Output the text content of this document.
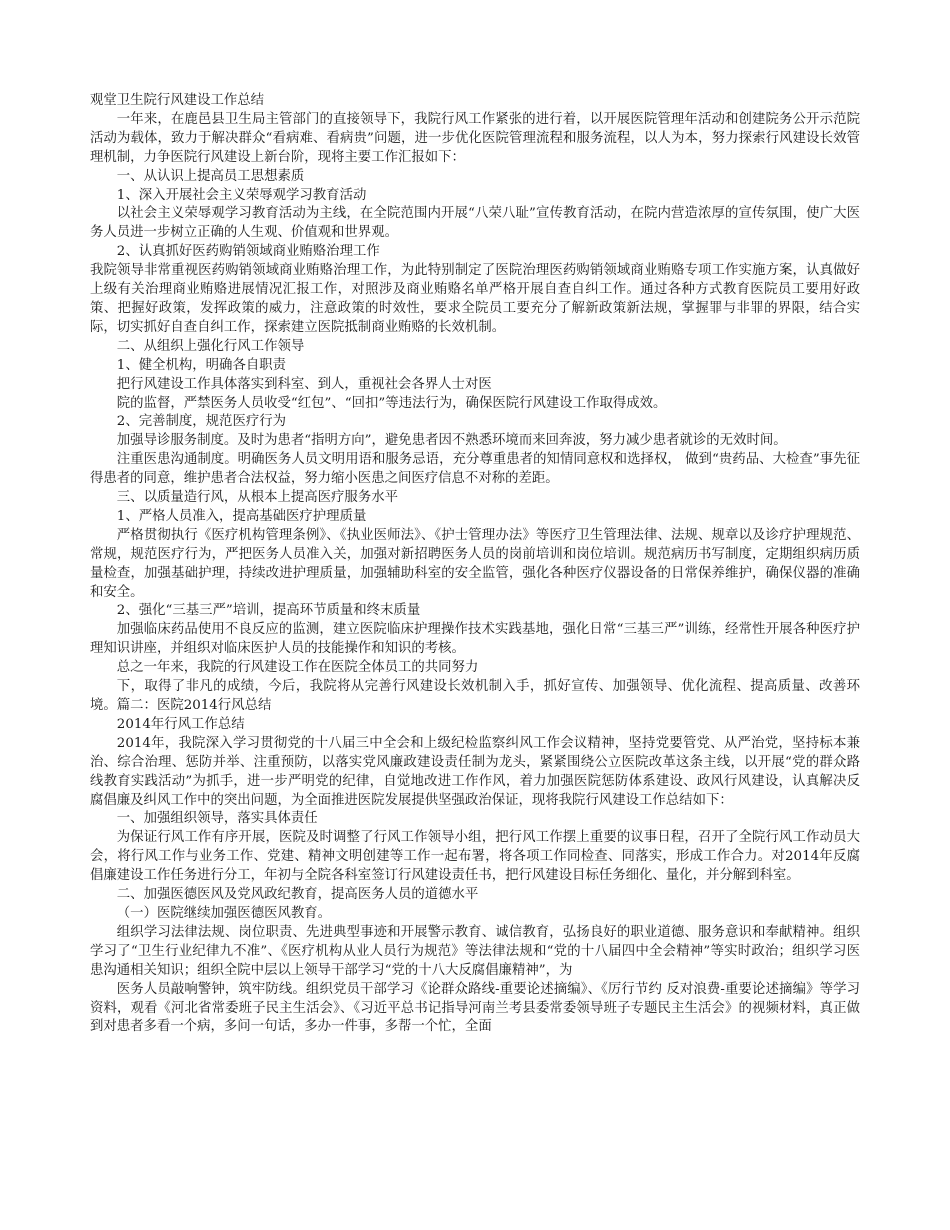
观堂卫生院行风建设工作总结

一年来，在鹿邑县卫生局主管部门的直接领导下，我院行风工作紧张的进行着，以开展医院管理年活动和创建院务公开示范院活动为载体，致力于解决群众“看病难、看病贵”问题，进一步优化医院管理流程和服务流程，以人为本，努力探索行风建设长效管理机制，力争医院行风建设上新台阶，现将主要工作汇报如下：

一、从认识上提高员工思想素质

1、深入开展社会主义荣辱观学习教育活动

以社会主义荣辱观学习教育活动为主线，在全院范围内开展“八荣八耻”宣传教育活动，在院内营造浓厚的宣传氛围，使广大医务人员进一步树立正确的人生观、价值观和世界观。

2、认真抓好医药购销领域商业贿赂治理工作

我院领导非常重视医药购销领域商业贿赂治理工作，为此特别制定了医院治理医药购销领域商业贿赂专项工作实施方案，认真做好上级有关治理商业贿赂进展情况汇报工作，对照涉及商业贿赂名单严格开展自查自纠工作。通过各种方式教育医院员工要用好政策、把握好政策，发挥政策的威力，注意政策的时效性，要求全院员工要充分了解新政策新法规，掌握罪与非罪的界限，结合实际，切实抓好自查自纠工作，探索建立医院抵制商业贿赂的长效机制。

二、从组织上强化行风工作领导

1、健全机构，明确各自职责

把行风建设工作具体落实到科室、到人，重视社会各界人士对医

院的监督，严禁医务人员收受“红包”、“回扣”等违法行为，确保医院行风建设工作取得成效。

2、完善制度，规范医疗行为

加强导诊服务制度。及时为患者“指明方向”，避免患者因不熟悉环境而来回奔波，努力减少患者就诊的无效时间。

注重医患沟通制度。明确医务人员文明用语和服务忌语，充分尊重患者的知情同意权和选择权， 做到“贵药品、大检查”事先征得患者的同意，维护患者合法权益，努力缩小医患之间医疗信息不对称的差距。

三、以质量造行风，从根本上提高医疗服务水平

1、严格人员准入，提高基础医疗护理质量

严格贯彻执行《医疗机构管理条例》、《执业医师法》、《护士管理办法》等医疗卫生管理法律、法规、规章以及诊疗护理规范、常规，规范医疗行为，严把医务人员准入关，加强对新招聘医务人员的岗前培训和岗位培训。规范病历书写制度，定期组织病历质量检查，加强基础护理，持续改进护理质量，加强辅助科室的安全监管，强化各种医疗仪器设备的日常保养维护，确保仪器的准确和安全。

2、强化“三基三严”培训，提高环节质量和终末质量

加强临床药品使用不良反应的监测，建立医院临床护理操作技术实践基地，强化日常“三基三严”训练，经常性开展各种医疗护理知识讲座，并组织对临床医护人员的技能操作和知识的考核。

总之一年来，我院的行风建设工作在医院全体员工的共同努力

下，取得了非凡的成绩，今后，我院将从完善行风建设长效机制入手，抓好宣传、加强领导、优化流程、提高质量、改善环境。篇二：医院2014行风总结

2014年行风工作总结

2014年，我院深入学习贯彻党的十八届三中全会和上级纪检监察纠风工作会议精神，坚持党要管党、从严治党，坚持标本兼治、综合治理、惩防并举、注重预防，以落实党风廉政建设责任制为龙头，紧紧围绕公立医院改革这条主线，以开展“党的群众路线教育实践活动”为抓手，进一步严明党的纪律，自觉地改进工作作风，着力加强医院惩防体系建设、政风行风建设，认真解决反腐倡廉及纠风工作中的突出问题，为全面推进医院发展提供坚强政治保证，现将我院行风建设工作总结如下：

一、加强组织领导，落实具体责任

为保证行风工作有序开展，医院及时调整了行风工作领导小组，把行风工作摆上重要的议事日程，召开了全院行风工作动员大会，将行风工作与业务工作、党建、精神文明创建等工作一起布署，将各项工作同检查、同落实，形成工作合力。对2014年反腐倡廉建设工作任务进行分工，年初与全院各科室签订行风建设责任书，把行风建设目标任务细化、量化，并分解到科室。

二、加强医德医风及党风政纪教育，提高医务人员的道德水平

（一）医院继续加强医德医风教育。

组织学习法律法规、岗位职责、先进典型事迹和开展警示教育、诚信教育，弘扬良好的职业道德、服务意识和奉献精神。组织学习了“卫生行业纪律九不准”、《医疗机构从业人员行为规范》等法律法规和“党的十八届四中全会精神”等实时政治；组织学习医患沟通相关知识；组织全院中层以上领导干部学习“党的十八大反腐倡廉精神”，为

医务人员敲响警钟，筑牢防线。组织党员干部学习《论群众路线-重要论述摘编》、《厉行节约 反对浪费-重要论述摘编》等学习资料，观看《河北省常委班子民主生活会》、《习近平总书记指导河南兰考县委常委领导班子专题民主生活会》的视频材料，真正做到对患者多看一个病，多问一句话，多办一件事，多帮一个忙，全面
